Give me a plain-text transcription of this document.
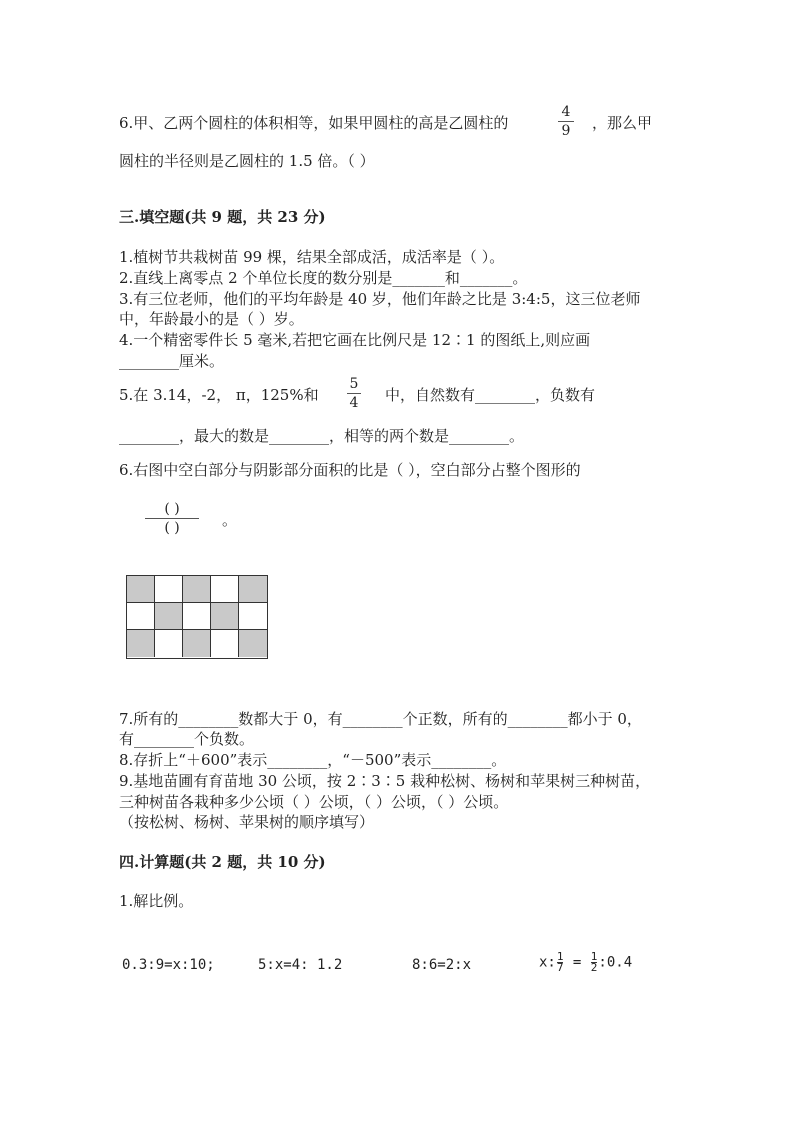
6.甲、乙两个圆柱的体积相等，如果甲圆柱的高是乙圆柱的
4
9 ，那么甲
圆柱的半径则是乙圆柱的 1.5 倍。（ ）
三.填空题(共 9 题，共 23 分)
1.植树节共栽树苗 99 棵，结果全部成活，成活率是（ ）。
2.直线上离零点 2 个单位长度的数分别是_______和_______。
3.有三位老师，他们的平均年龄是 40 岁，他们年龄之比是 3:4:5，这三位老师
中，年龄最小的是（ ）岁。
4.一个精密零件长 5 毫米,若把它画在比例尺是 12∶1 的图纸上,则应画
________厘米。
5.在 3.14，-2， π，125%和
5
4 中，自然数有________，负数有
________，最大的数是________，相等的两个数是________。
6.右图中空白部分与阴影部分面积的比是（ ），空白部分占整个图形的
( )
( )	。
7.所有的________数都大于 0，有________个正数，所有的________都小于 0，
有________个负数。
8.存折上“＋600”表示________，“－500”表示________。
9.基地苗圃有育苗地 30 公顷，按 2∶3∶5 栽种松树、杨树和苹果树三种树苗，
三种树苗各栽种多少公顷（ ）公顷，（ ）公顷，（ ）公顷。
（按松树、杨树、苹果树的顺序填写）
四.计算题(共 2 题，共 10 分)
1.解比例。
0.3:9=x:10;	5:x=4: 1.2	8:6=2:x	$x:\frac{1}{7}$ = $\frac{1}{2}:0.4$
